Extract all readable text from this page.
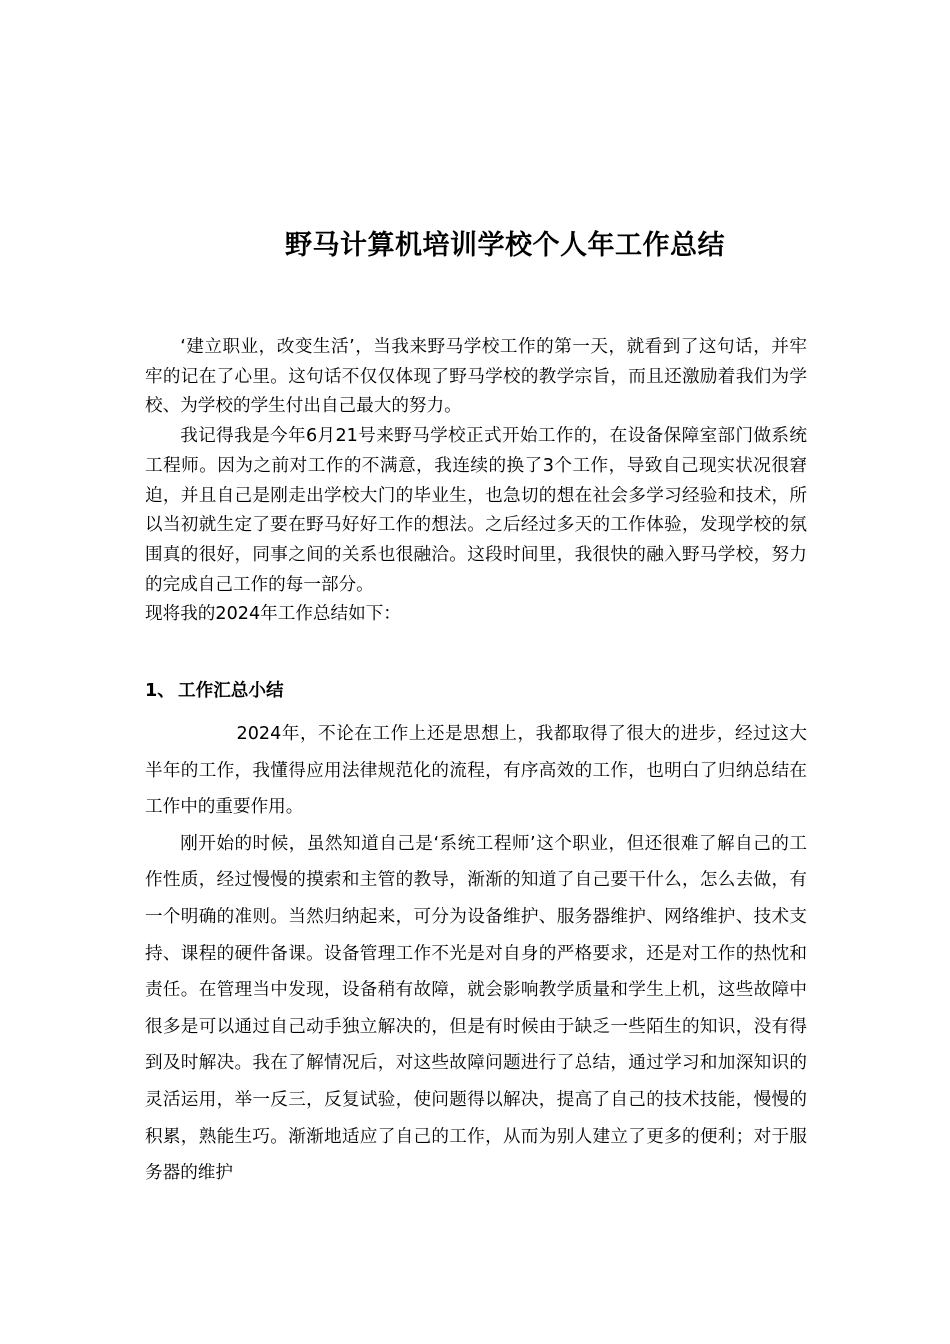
野马计算机培训学校个人年工作总结

‘建立职业，改变生活’，当我来野马学校工作的第一天，就看到了这句话，并牢牢的记在了心里。这句话不仅仅体现了野马学校的教学宗旨，而且还激励着我们为学校、为学校的学生付出自己最大的努力。

我记得我是今年6月21号来野马学校正式开始工作的，在设备保障室部门做系统工程师。因为之前对工作的不满意，我连续的换了3个工作，导致自己现实状况很窘迫，并且自己是刚走出学校大门的毕业生，也急切的想在社会多学习经验和技术，所以当初就生定了要在野马好好工作的想法。之后经过多天的工作体验，发现学校的氛围真的很好，同事之间的关系也很融洽。这段时间里，我很快的融入野马学校，努力的完成自己工作的每一部分。

现将我的2024年工作总结如下：

1、 工作汇总小结

2024年，不论在工作上还是思想上，我都取得了很大的进步，经过这大半年的工作，我懂得应用法律规范化的流程，有序高效的工作，也明白了归纳总结在工作中的重要作用。

刚开始的时候，虽然知道自己是‘系统工程师’这个职业，但还很难了解自己的工作性质，经过慢慢的摸索和主管的教导，渐渐的知道了自己要干什么，怎么去做，有一个明确的准则。当然归纳起来，可分为设备维护、服务器维护、网络维护、技术支持、课程的硬件备课。设备管理工作不光是对自身的严格要求，还是对工作的热忱和责任。在管理当中发现，设备稍有故障，就会影响教学质量和学生上机，这些故障中很多是可以通过自己动手独立解决的，但是有时候由于缺乏一些陌生的知识，没有得到及时解决。我在了解情况后，对这些故障问题进行了总结，通过学习和加深知识的灵活运用，举一反三，反复试验，使问题得以解决，提高了自己的技术技能，慢慢的积累，熟能生巧。渐渐地适应了自己的工作，从而为别人建立了更多的便利；对于服务器的维护
